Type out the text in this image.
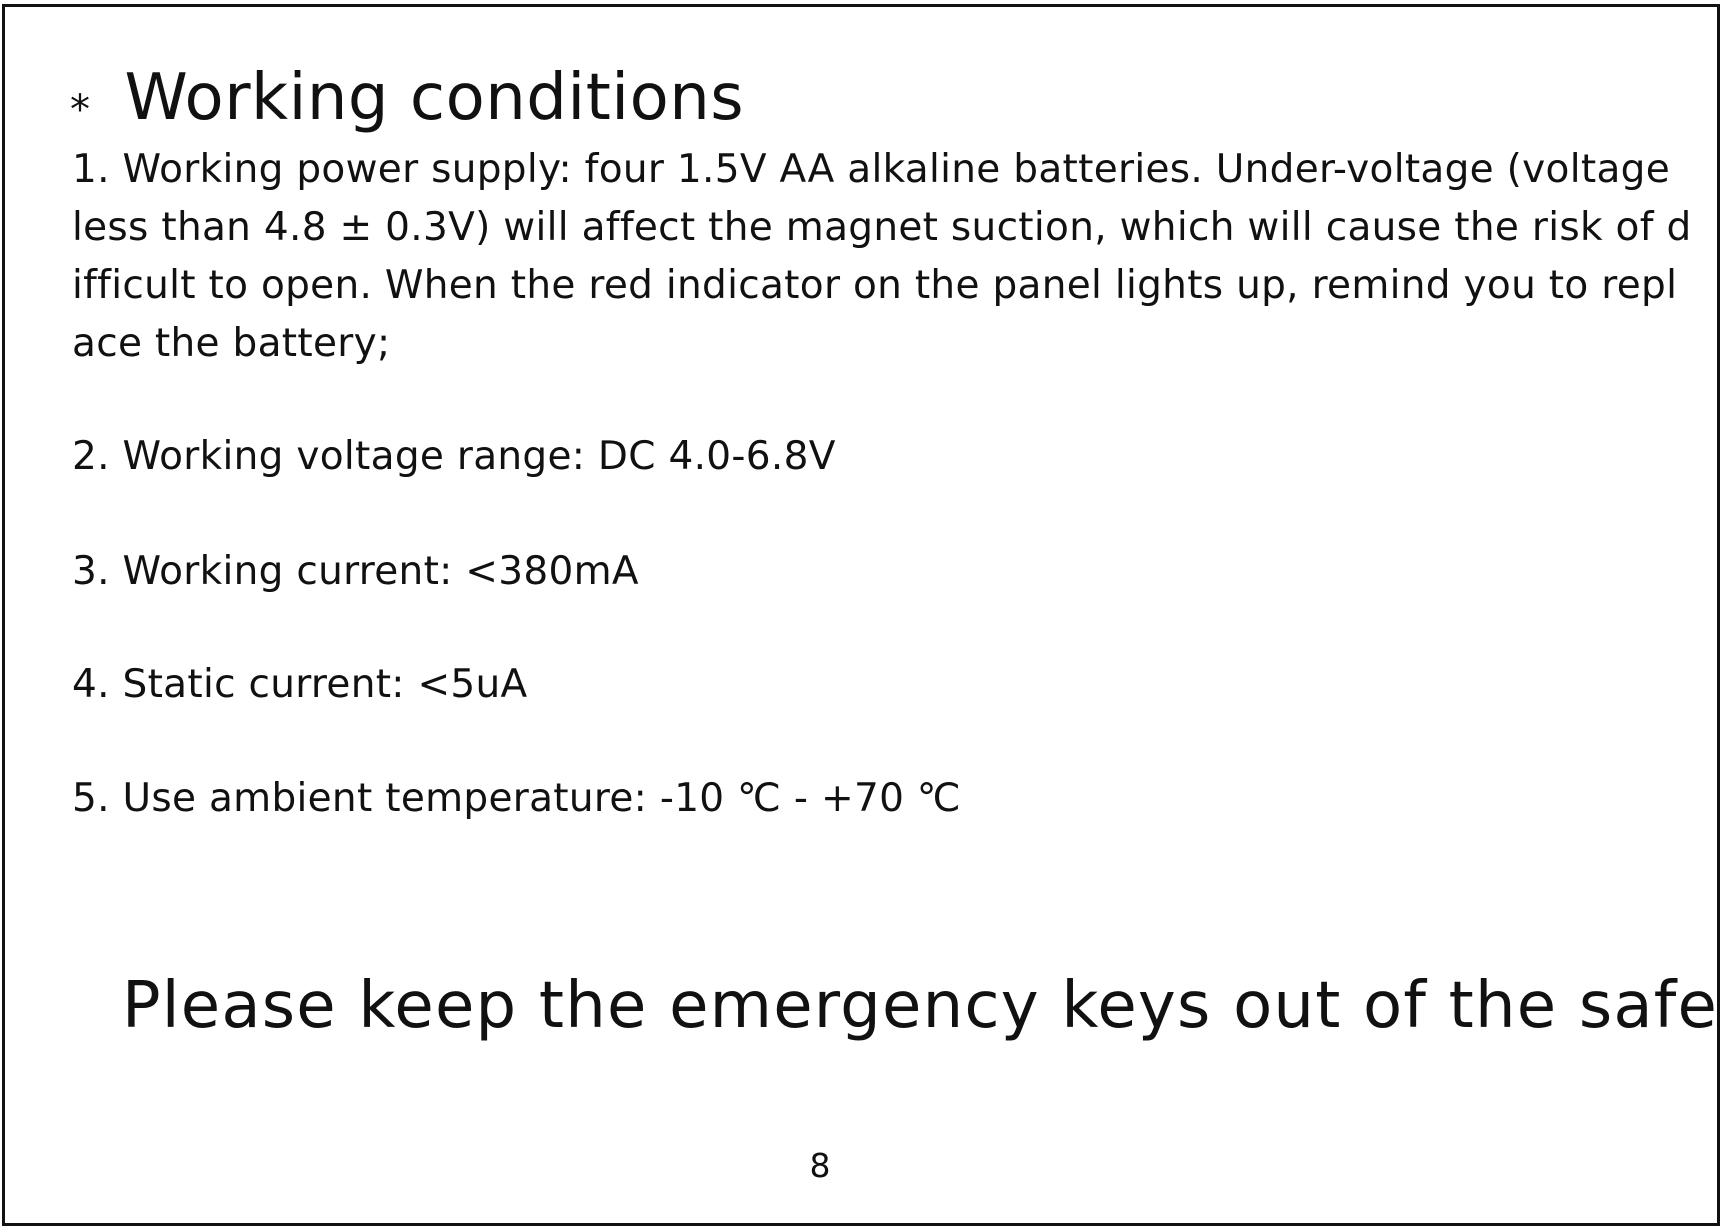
* Working conditions
1. Working power supply: four 1.5V AA alkaline batteries. Under-voltage (voltage less than 4.8 ± 0.3V) will affect the magnet suction, which will cause the risk of difficult to open. When the red indicator on the panel lights up, remind you to replace the battery;
2. Working voltage range: DC 4.0-6.8V
3. Working current: <380mA
4. Static current: <5uA
5. Use ambient temperature: -10 ℃ - +70 ℃
Please keep the emergency keys out of the safe
8
